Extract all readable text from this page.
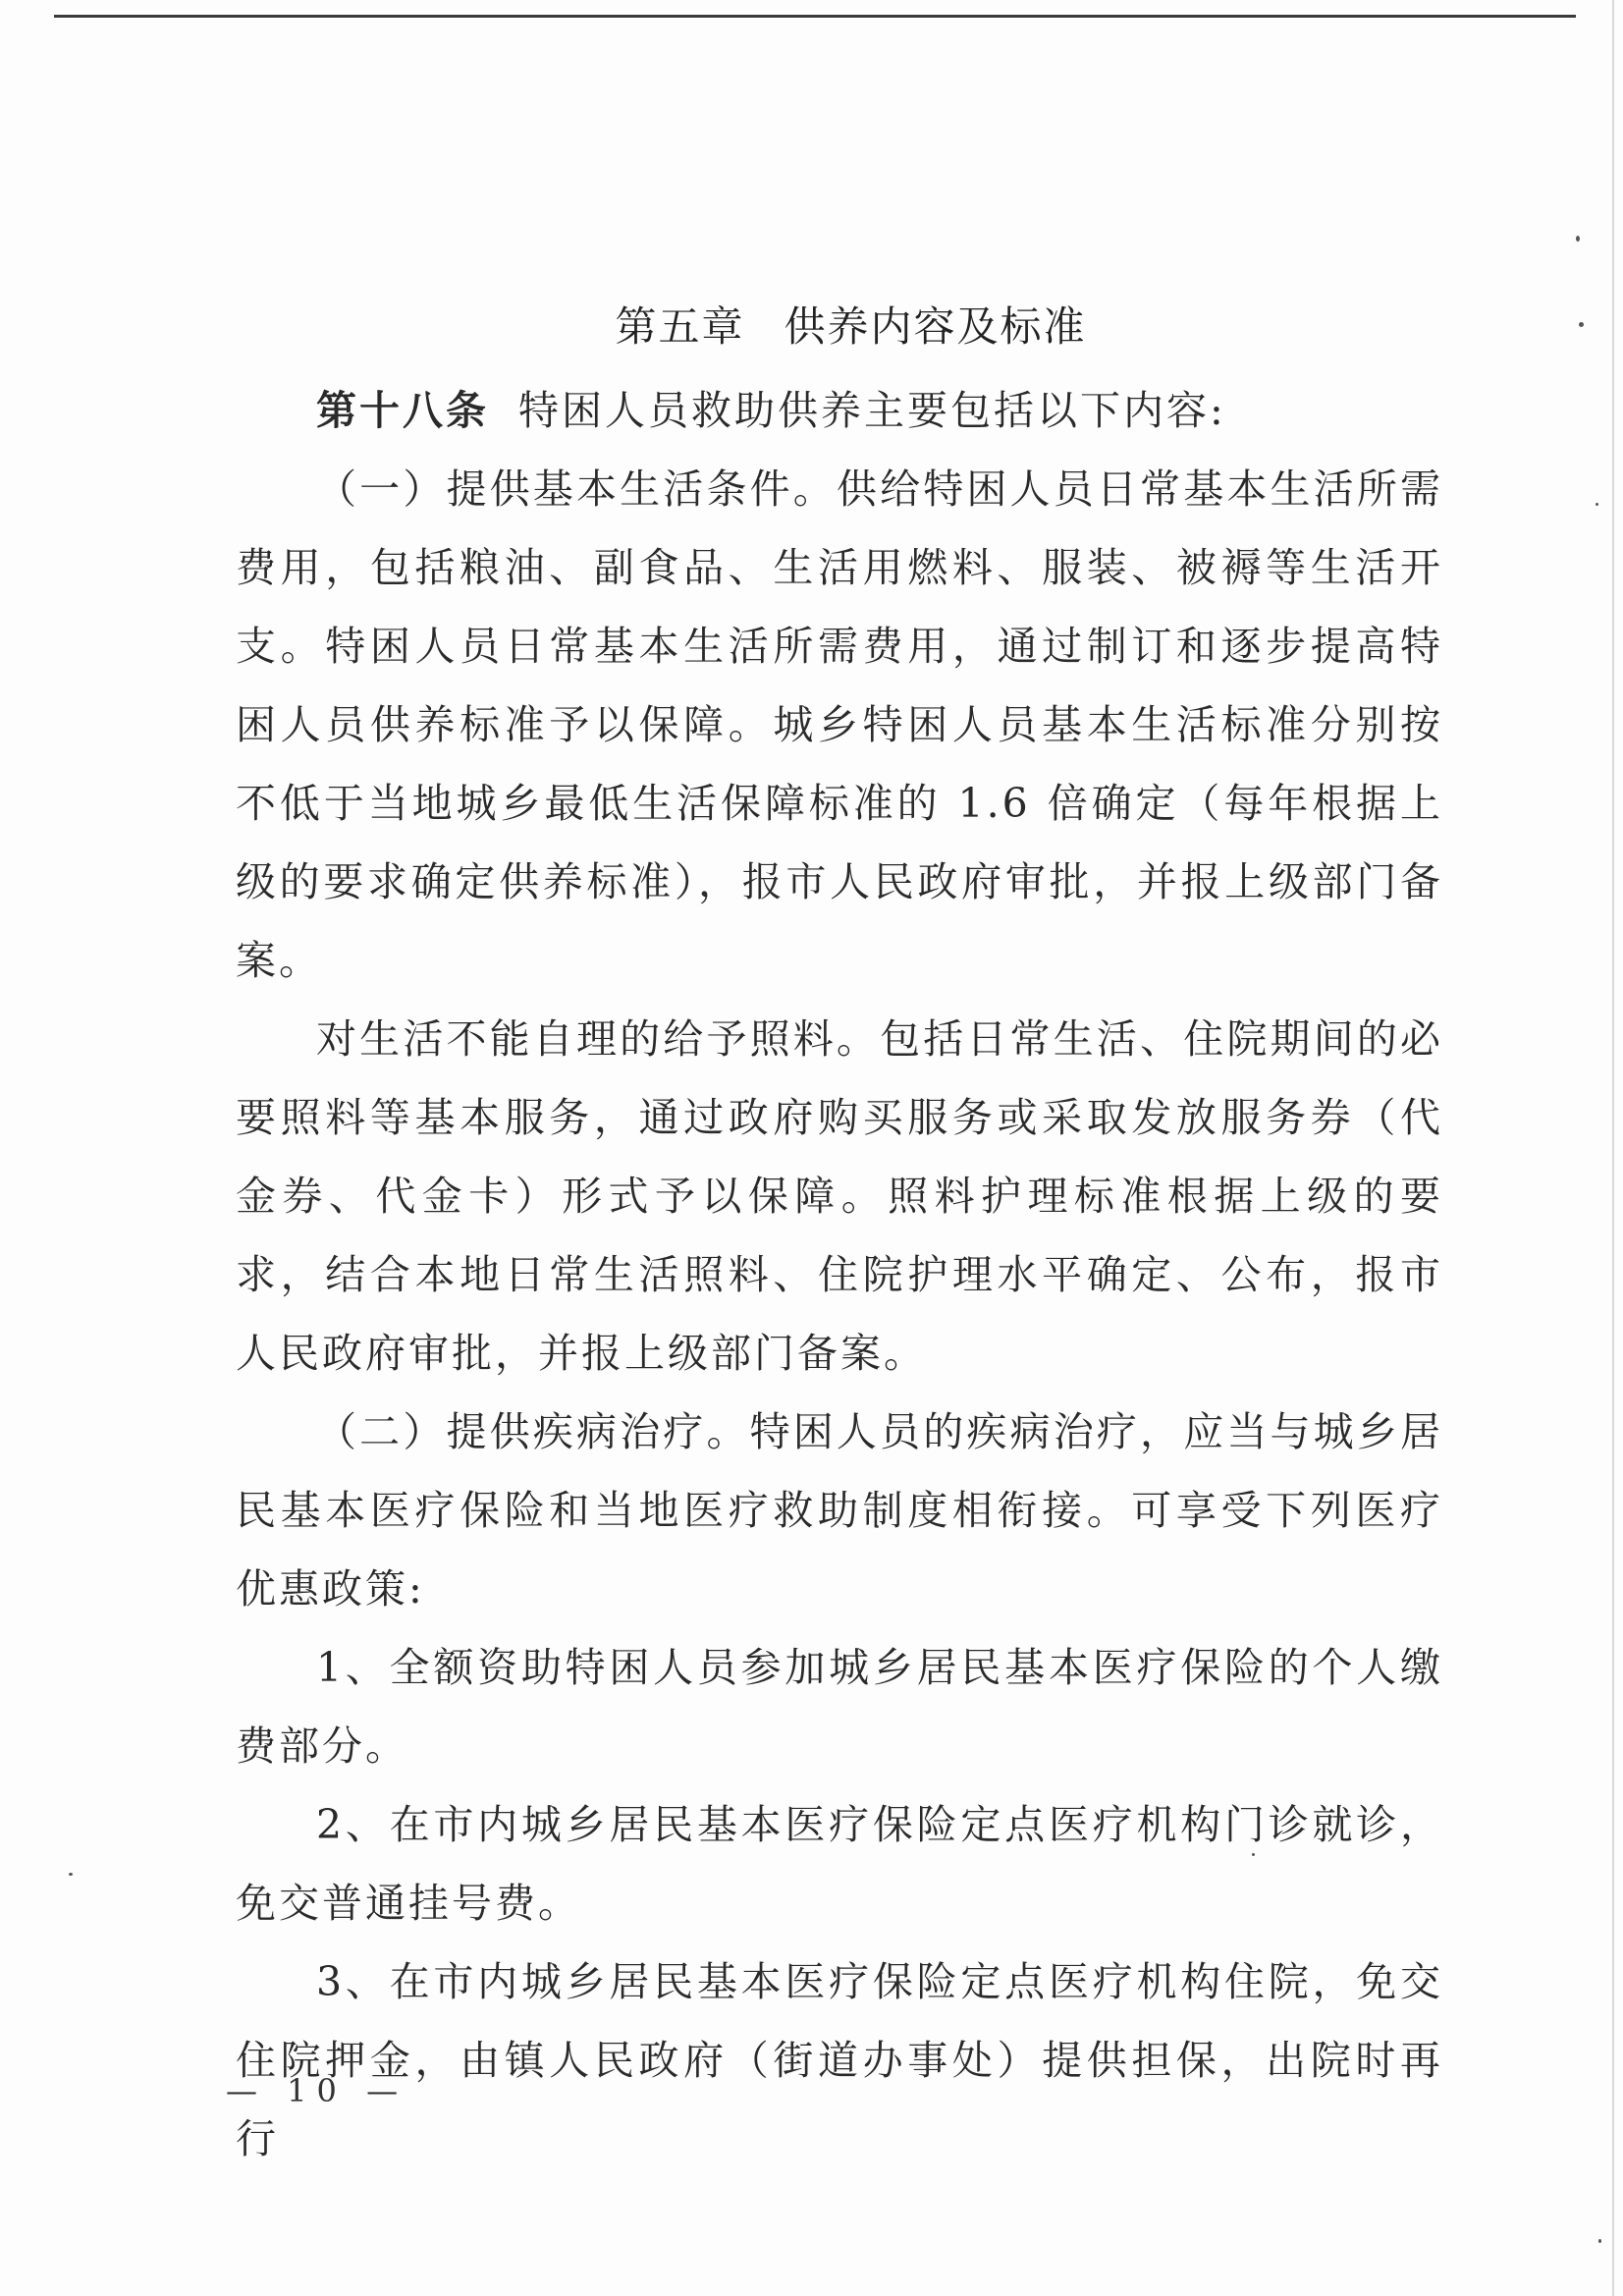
第五章 供养内容及标准

第十八条 特困人员救助供养主要包括以下内容:

（一）提供基本生活条件。供给特困人员日常基本生活所需费用，包括粮油、副食品、生活用燃料、服装、被褥等生活开支。特困人员日常基本生活所需费用，通过制订和逐步提高特困人员供养标准予以保障。城乡特困人员基本生活标准分别按不低于当地城乡最低生活保障标准的 1.6 倍确定（每年根据上级的要求确定供养标准），报市人民政府审批，并报上级部门备案。

对生活不能自理的给予照料。包括日常生活、住院期间的必要照料等基本服务，通过政府购买服务或采取发放服务券（代金券、代金卡）形式予以保障。照料护理标准根据上级的要求，结合本地日常生活照料、住院护理水平确定、公布，报市人民政府审批，并报上级部门备案。

（二）提供疾病治疗。特困人员的疾病治疗，应当与城乡居民基本医疗保险和当地医疗救助制度相衔接。可享受下列医疗优惠政策:

1、全额资助特困人员参加城乡居民基本医疗保险的个人缴费部分。

2、在市内城乡居民基本医疗保险定点医疗机构门诊就诊，免交普通挂号费。

3、在市内城乡居民基本医疗保险定点医疗机构住院，免交住院押金，由镇人民政府（街道办事处）提供担保，出院时再行

— 10 —
